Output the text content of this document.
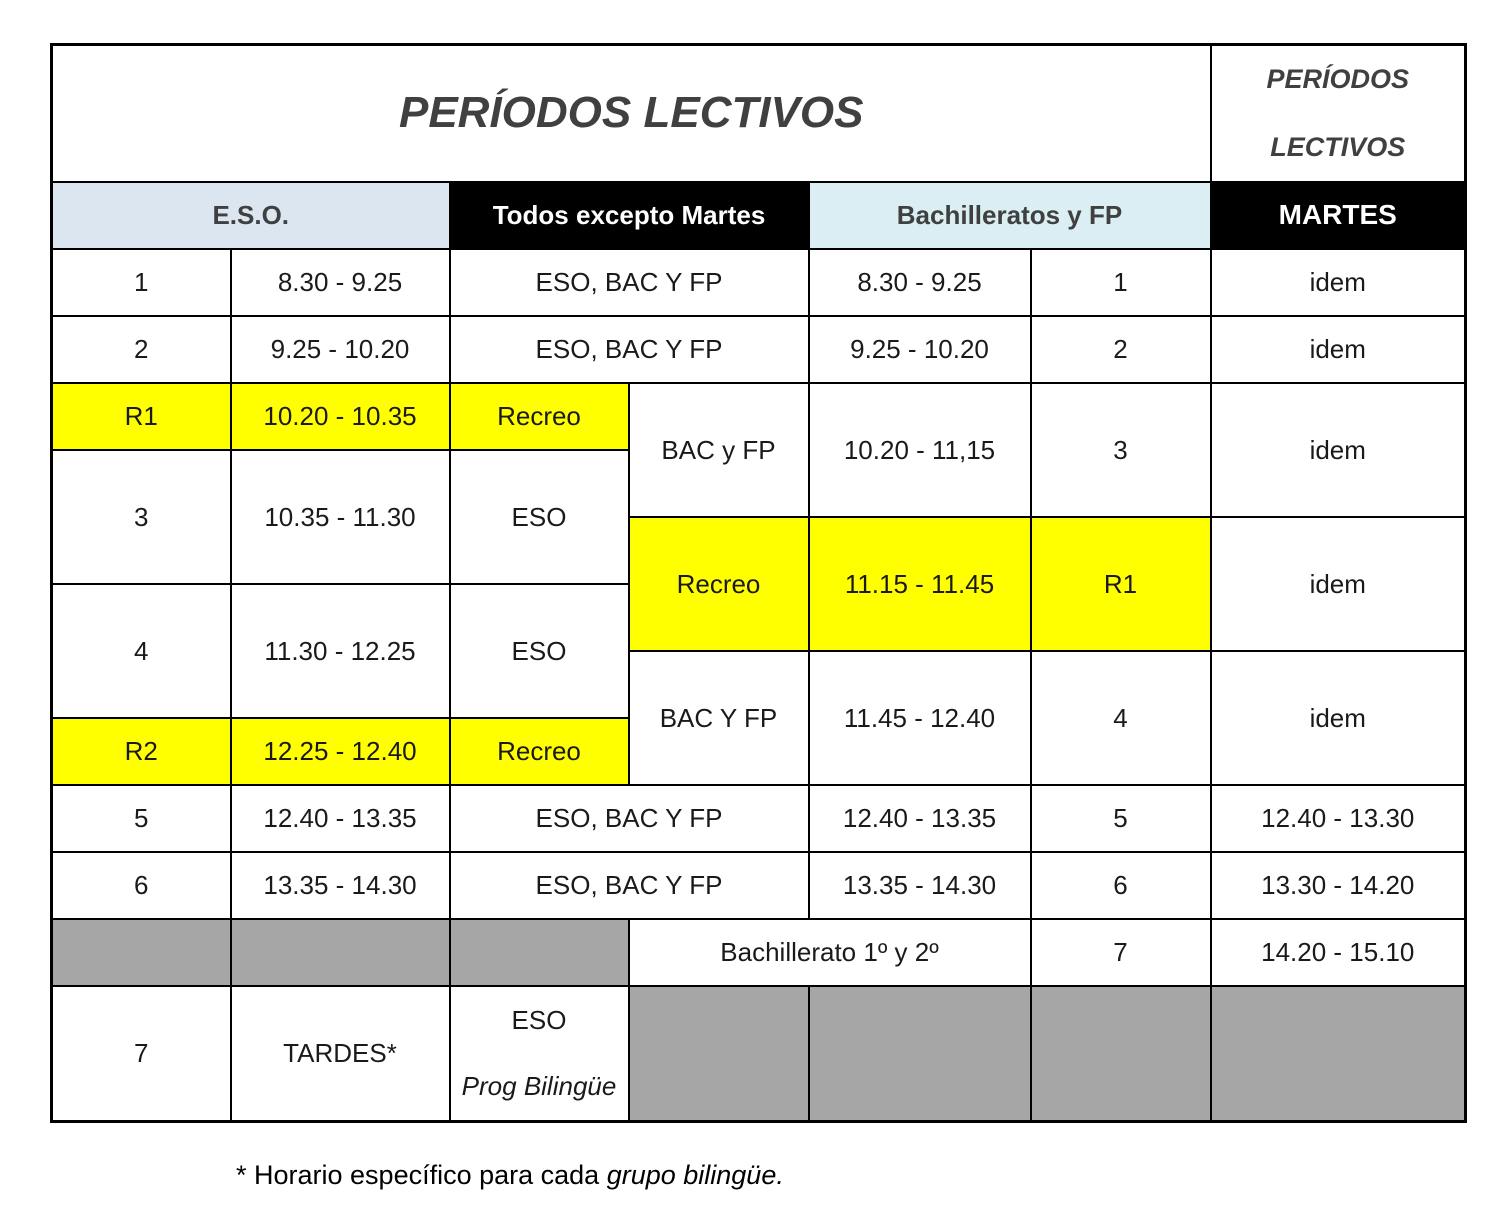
PERÍODOS LECTIVOS						PERÍODOS
LECTIVOS
E.S.O.		Todos excepto Martes		Bachilleratos y FP		MARTES
1	8.30 - 9.25	ESO, BAC Y FP		8.30 - 9.25	1	idem
2	9.25 - 10.20	ESO, BAC Y FP		9.25 - 10.20	2	idem
R1	10.20 - 10.35	Recreo	BAC y FP	10.20 - 11,15	3	idem
3	10.35 - 11.30	ESO				
			Recreo	11.15 - 11.45	R1	idem
4	11.30 - 12.25	ESO				
			BAC Y FP	11.45 - 12.40	4	idem
R2	12.25 - 12.40	Recreo				
5	12.40 - 13.35	ESO, BAC Y FP		12.40 - 13.35	5	12.40 - 13.30
6	13.35 - 14.30	ESO, BAC Y FP		13.35 - 14.30	6	13.30 - 14.20
			Bachillerato 1º y 2º		7	14.20 - 15.10
7	TARDES*	ESO
Prog Bilingüe				
* Horario específico para cada grupo bilingüe.
